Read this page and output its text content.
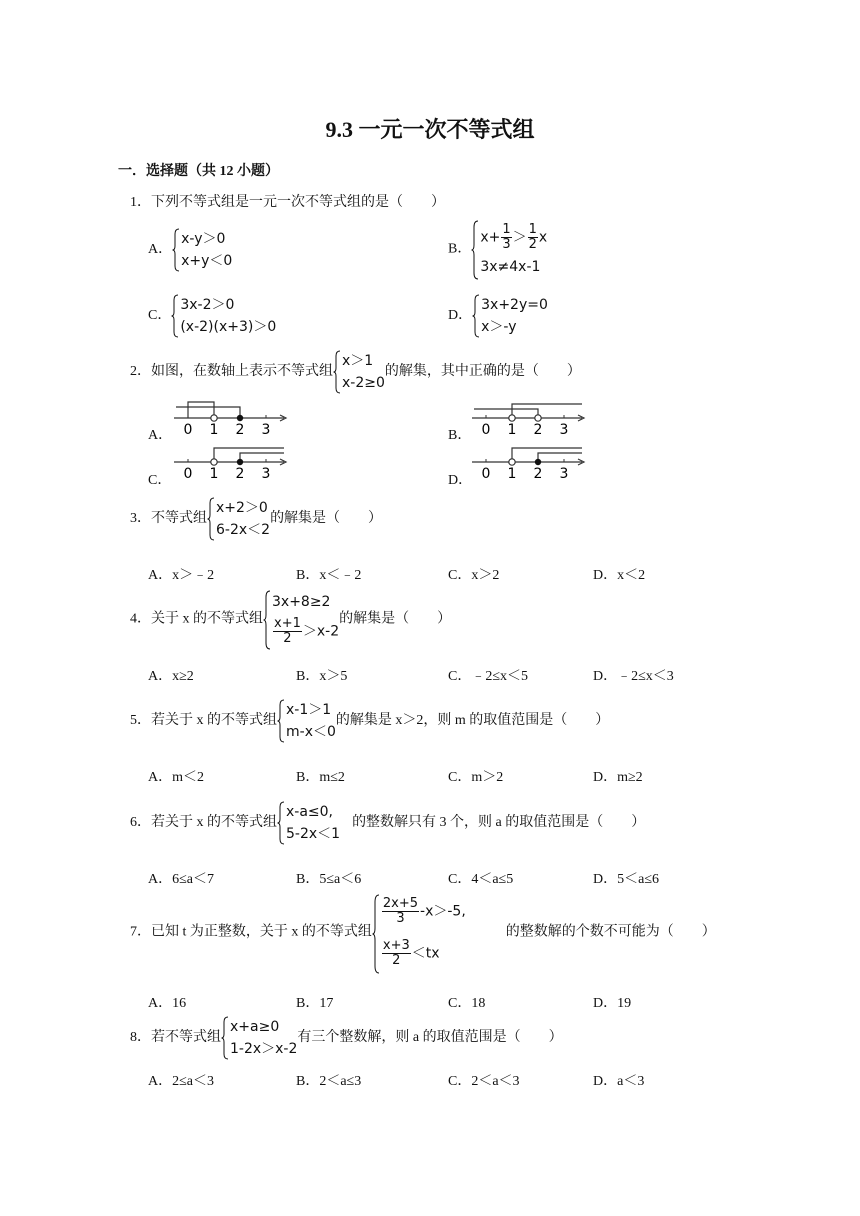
9.3 一元一次不等式组
一．选择题（共 12 小题）
1．下列不等式组是一元一次不等式组的是（　　）
A．
x-y＞0
x+y＜0
B．
$x+ \frac{1}{3} > \frac{1}{2}$ x
3x≠4x-1
C．
3x-2＞0
(x-2)(x+3)＞0
D．
3x+2y=0
x＞-y
2．如图，在数轴上表示不等式组
x＞1
x-2≥0
的解集，其中正确的是（　　）
A． 0 1 2 3	B． 0 1 2 3
C． 0 1 2 3	D． 0 1 2 3
3．不等式组
x+2＞0
6-2x＜2
的解集是（　　）
A．x＞﹣2	B．x＜﹣2	C．x＞2	D．x＜2
4．关于 x 的不等式组
3x+8≥2
$\frac{x+1}{2} >x-2$
的解集是（　　）
A．x≥2	B．x＞5	C．﹣2≤x＜5	D．﹣2≤x＜3
5．若关于 x 的不等式组
x-1＞1
m-x＜0
的解集是 x＞2，则 m 的取值范围是（　　）
A．m＜2	B．m≤2	C．m＞2	D．m≥2
6．若关于 x 的不等式组
x-a≤0,
5-2x＜1
的整数解只有 3 个，则 a 的取值范围是（　　）
A．6≤a＜7	B．5≤a＜6	C．4＜a≤5	D．5＜a≤6
7．已知 t 为正整数，关于 x 的不等式组
$\frac{2x+5}{3} -x>-5$,
$\frac{x+3}{2} <tx$
的整数解的个数不可能为（　　）
A．16	B．17	C．18	D．19
8．若不等式组
x+a≥0
1-2x＞x-2
有三个整数解，则 a 的取值范围是（　　）
A．2≤a＜3	B．2＜a≤3	C．2＜a＜3	D．a＜3
